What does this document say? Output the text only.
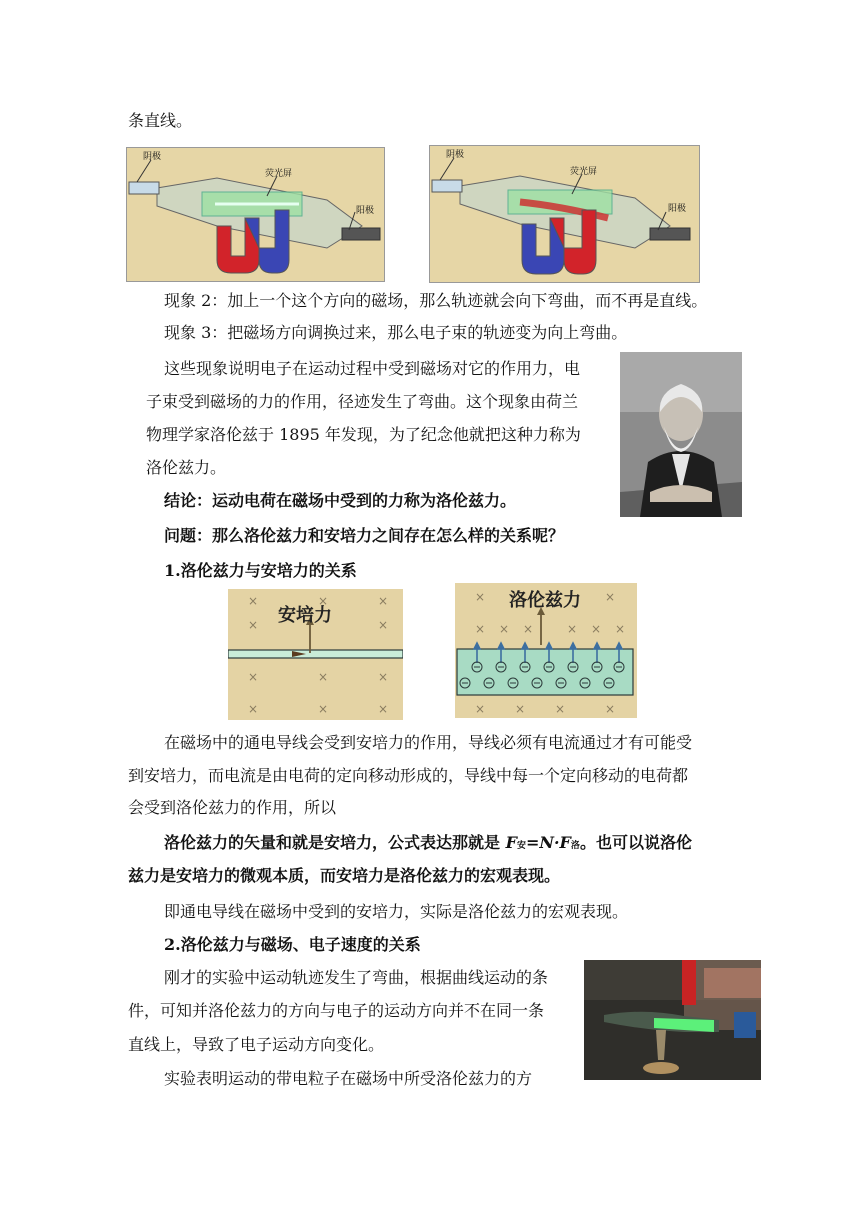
条直线。
阴极
荧光屏
阳极
阴极
荧光屏
阳极
现象 2：加上一个这个方向的磁场，那么轨迹就会向下弯曲，而不再是直线。
现象 3：把磁场方向调换过来，那么电子束的轨迹变为向上弯曲。
这些现象说明电子在运动过程中受到磁场对它的作用力，电
子束受到磁场的力的作用，径迹发生了弯曲。这个现象由荷兰
物理学家洛伦兹于 1895 年发现，为了纪念他就把这种力称为
洛伦兹力。
结论：运动电荷在磁场中受到的力称为洛伦兹力。
问题：那么洛伦兹力和安培力之间存在怎么样的关系呢？
1.洛伦兹力与安培力的关系
×	×	×
×	×
×	×	×
×	×	×
安培力
×	×
× × ×	× × ×
× × ×	×
洛伦兹力
在磁场中的通电导线会受到安培力的作用，导线必须有电流通过才有可能受
到安培力，而电流是由电荷的定向移动形成的，导线中每一个定向移动的电荷都
会受到洛伦兹力的作用，所以
洛伦兹力的矢量和就是安培力，公式表达那就是 F安=N·F洛。也可以说洛伦
兹力是安培力的微观本质，而安培力是洛伦兹力的宏观表现。
即通电导线在磁场中受到的安培力，实际是洛伦兹力的宏观表现。
2.洛伦兹力与磁场、电子速度的关系
刚才的实验中运动轨迹发生了弯曲，根据曲线运动的条
件，可知并洛伦兹力的方向与电子的运动方向并不在同一条
直线上，导致了电子运动方向变化。
实验表明运动的带电粒子在磁场中所受洛伦兹力的方
